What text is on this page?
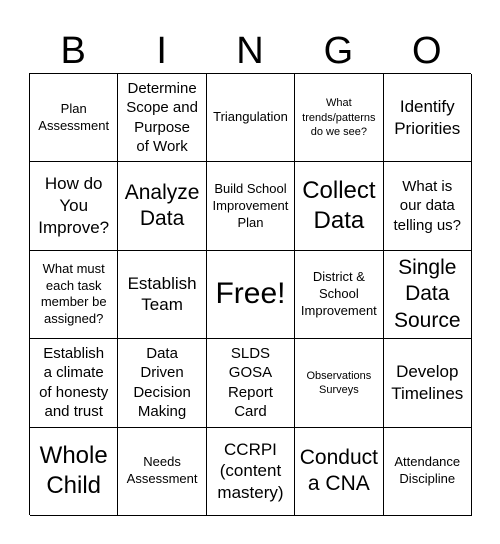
B	I	N	G	O
Plan
Assessment
Determine
Scope and
Purpose
of Work
Triangulation
What
trends/patterns
do we see?
Identify
Priorities
How do
You
Improve?
Analyze
Data
Build School
Improvement
Plan
Collect
Data
What is
our data
telling us?
What must
each task
member be
assigned?
Establish
Team	Free!
District &
School
Improvement
Single
Data
Source
Establish
a climate
of honesty
and trust
Data
Driven
Decision
Making
SLDS
GOSA
Report
Card
Observations
Surveys
Develop
Timelines
Whole
Child
Needs
Assessment
CCRPI
(content
mastery)
Conduct
a CNA
Attendance
Discipline
